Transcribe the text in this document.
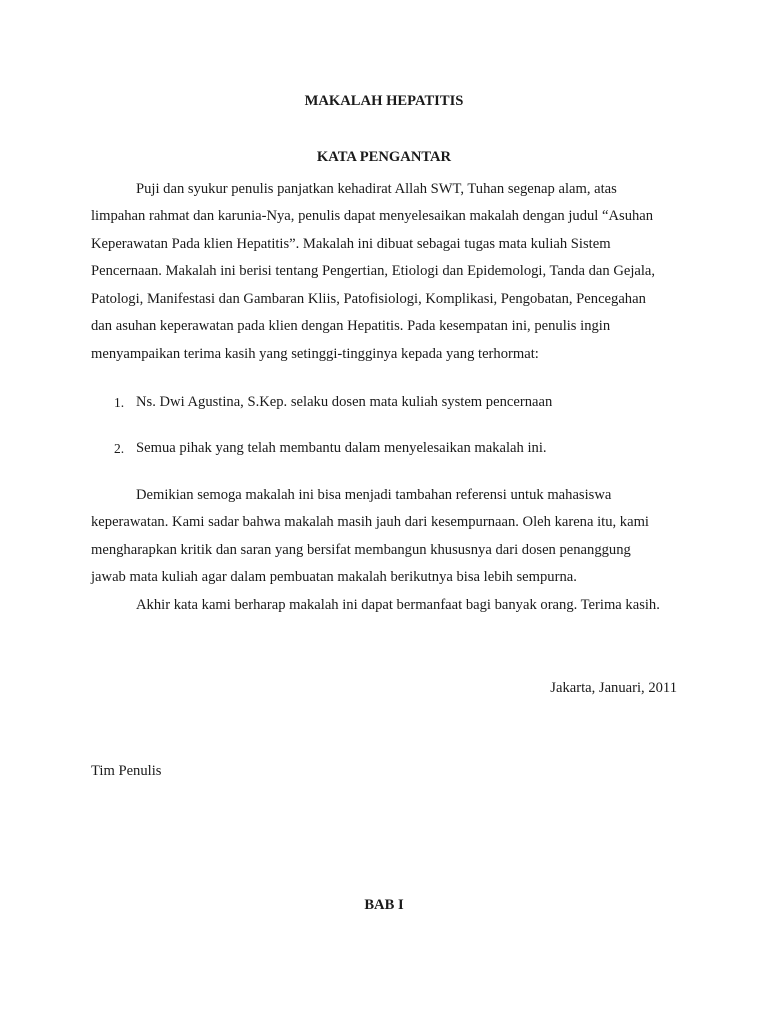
MAKALAH HEPATITIS
KATA PENGANTAR
Puji dan syukur penulis panjatkan kehadirat Allah SWT, Tuhan segenap alam, atas
limpahan rahmat dan karunia-Nya, penulis dapat menyelesaikan makalah dengan judul “Asuhan
Keperawatan Pada klien Hepatitis”. Makalah ini dibuat sebagai tugas mata kuliah Sistem
Pencernaan. Makalah ini berisi tentang Pengertian, Etiologi dan Epidemologi, Tanda dan Gejala,
Patologi, Manifestasi dan Gambaran Kliis, Patofisiologi, Komplikasi, Pengobatan, Pencegahan
dan asuhan keperawatan pada klien dengan Hepatitis. Pada kesempatan ini, penulis ingin
menyampaikan terima kasih yang setinggi-tingginya kepada yang terhormat:
1. Ns. Dwi Agustina, S.Kep. selaku dosen mata kuliah system pencernaan
2. Semua pihak yang telah membantu dalam menyelesaikan makalah ini.
Demikian semoga makalah ini bisa menjadi tambahan referensi untuk mahasiswa
keperawatan. Kami sadar bahwa makalah masih jauh dari kesempurnaan. Oleh karena itu, kami
mengharapkan kritik dan saran yang bersifat membangun khususnya dari dosen penanggung
jawab mata kuliah agar dalam pembuatan makalah berikutnya bisa lebih sempurna.
Akhir kata kami berharap makalah ini dapat bermanfaat bagi banyak orang. Terima kasih.
Jakarta, Januari, 2011
Tim Penulis
BAB I
